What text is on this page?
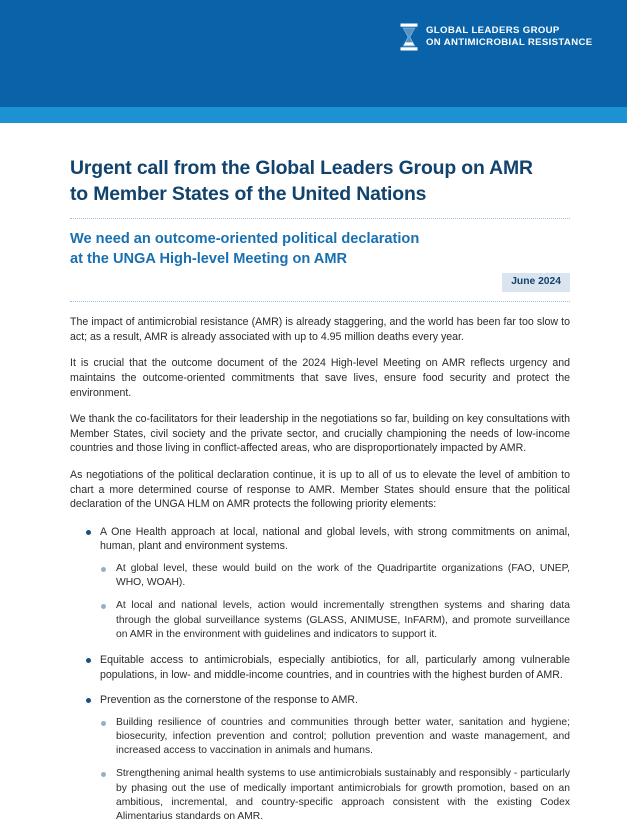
GLOBAL LEADERS GROUP
ON ANTIMICROBIAL RESISTANCE
Urgent call from the Global Leaders Group on AMR
to Member States of the United Nations
We need an outcome-oriented political declaration
at the UNGA High-level Meeting on AMR
June 2024

The impact of antimicrobial resistance (AMR) is already staggering, and the world has been far too slow to act; as a result, AMR is already associated with up to 4.95 million deaths every year.

It is crucial that the outcome document of the 2024 High-level Meeting on AMR reflects urgency and maintains the outcome-oriented commitments that save lives, ensure food security and protect the environment.

We thank the co-facilitators for their leadership in the negotiations so far, building on key consultations with Member States, civil society and the private sector, and crucially championing the needs of low-income countries and those living in conflict-affected areas, who are disproportionately impacted by AMR.

As negotiations of the political declaration continue, it is up to all of us to elevate the level of ambition to chart a more determined course of response to AMR. Member States should ensure that the political declaration of the UNGA HLM on AMR protects the following priority elements:

A One Health approach at local, national and global levels, with strong commitments on animal, human, plant and environment systems.
At global level, these would build on the work of the Quadripartite organizations (FAO, UNEP, WHO, WOAH).
At local and national levels, action would incrementally strengthen systems and sharing data through the global surveillance systems (GLASS, ANIMUSE, InFARM), and promote surveillance on AMR in the environment with guidelines and indicators to support it.
Equitable access to antimicrobials, especially antibiotics, for all, particularly among vulnerable populations, in low- and middle-income countries, and in countries with the highest burden of AMR.
Prevention as the cornerstone of the response to AMR.
Building resilience of countries and communities through better water, sanitation and hygiene; biosecurity, infection prevention and control; pollution prevention and waste management, and increased access to vaccination in animals and humans.
Strengthening animal health systems to use antimicrobials sustainably and responsibly - particularly by phasing out the use of medically important antimicrobials for growth promotion, based on an ambitious, incremental, and country-specific approach consistent with the existing Codex Alimentarius standards on AMR.
